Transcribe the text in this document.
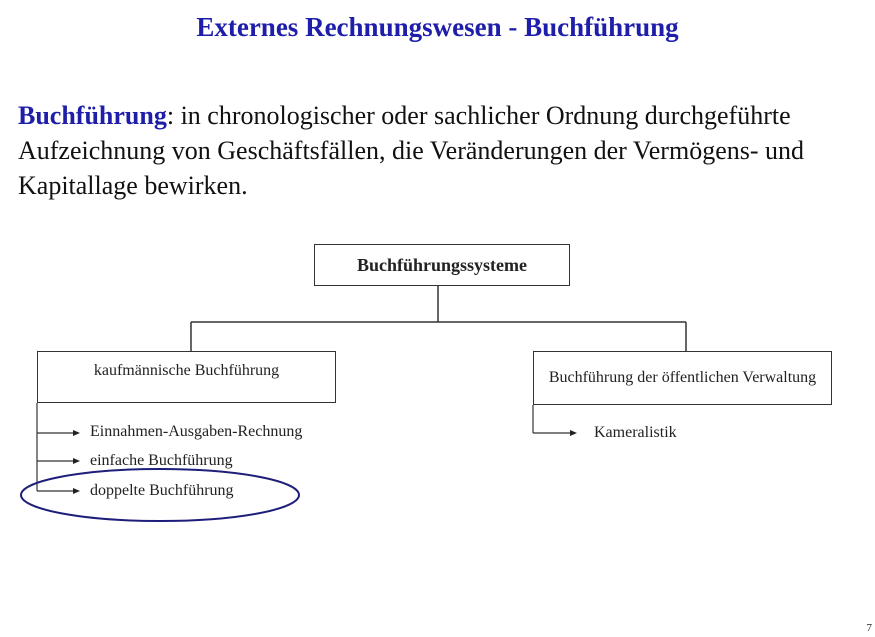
Externes Rechnungswesen - Buchführung
Buchführung: in chronologischer oder sachlicher Ordnung durchgeführte Aufzeichnung von Geschäftsfällen, die Veränderungen der Vermögens- und Kapitallage bewirken.
Buchführungssysteme
kaufmännische Buchführung	Buchführung der öffentlichen Verwaltung
Einnahmen-Ausgaben-Rechnung
einfache Buchführung
doppelte Buchführung
Kameralistik
7
